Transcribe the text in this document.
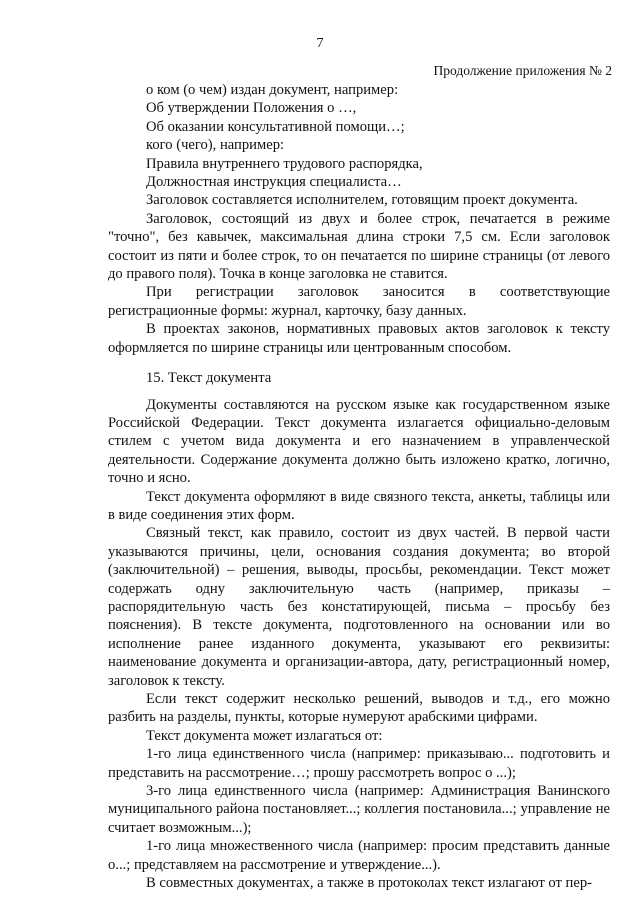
7
Продолжение приложения № 2

о ком (о чем) издан документ, например:

Об утверждении Положения о …,

Об оказании консультативной помощи…;

кого (чего), например:

Правила внутреннего трудового распорядка,

Должностная инструкция специалиста…

Заголовок составляется исполнителем, готовящим проект документа.

Заголовок, состоящий из двух и более строк, печатается в режиме "точно", без кавычек, максимальная длина строки 7,5 см. Если заголовок состоит из пяти и более строк, то он печатается по ширине страницы (от левого до правого поля). Точка в конце заголовка не ставится.

При регистрации заголовок заносится в соответствующие регистрационные формы: журнал, карточку, базу данных.

В проектах законов, нормативных правовых актов заголовок к тексту оформляется по ширине страницы или центрованным способом.

15. Текст документа

Документы составляются на русском языке как государственном языке Российской Федерации. Текст документа излагается официально-деловым стилем с учетом вида документа и его назначением в управленческой деятельности. Содержание документа должно быть изложено кратко, логично, точно и ясно.

Текст документа оформляют в виде связного текста, анкеты, таблицы или в виде соединения этих форм.

Связный текст, как правило, состоит из двух частей. В первой части указываются причины, цели, основания создания документа; во второй (заключительной) – решения, выводы, просьбы, рекомендации. Текст может содержать одну заключительную часть (например, приказы – распорядительную часть без констатирующей, письма – просьбу без пояснения). В тексте документа, подготовленного на основании или во исполнение ранее изданного документа, указывают его реквизиты: наименование документа и организации-автора, дату, регистрационный номер, заголовок к тексту.

Если текст содержит несколько решений, выводов и т.д., его можно разбить на разделы, пункты, которые нумеруют арабскими цифрами.

Текст документа может излагаться от:

1-го лица единственного числа (например: приказываю... подготовить и представить на рассмотрение…; прошу рассмотреть вопрос о ...);

3-го лица единственного числа (например: Администрация Ванинского муниципального района постановляет...; коллегия постановила...; управление не считает возможным...);

1-го лица множественного числа (например: просим представить данные о...; представляем на рассмотрение и утверждение...).

В совместных документах, а также в протоколах текст излагают от пер-
